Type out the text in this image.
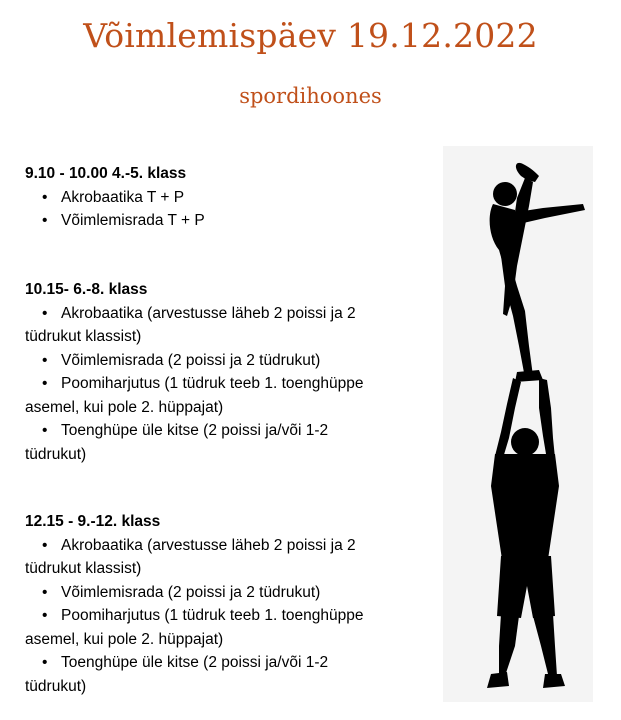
Võimlemispäev 19.12.2022
spordihoones
9.10 - 10.00 4.-5. klass
• Akrobaatika T + P
• Võimlemisrada T + P
10.15- 6.-8. klass
• Akrobaatika (arvestusse läheb 2 poissi ja 2
tüdrukut klassist)
• Võimlemisrada (2 poissi ja 2 tüdrukut)
• Poomiharjutus (1 tüdruk teeb 1. toenghüppe
asemel, kui pole 2. hüppajat)
• Toenghüpe üle kitse (2 poissi ja/või 1-2
tüdrukut)
12.15 - 9.-12. klass
• Akrobaatika (arvestusse läheb 2 poissi ja 2
tüdrukut klassist)
• Võimlemisrada (2 poissi ja 2 tüdrukut)
• Poomiharjutus (1 tüdruk teeb 1. toenghüppe
asemel, kui pole 2. hüppajat)
• Toenghüpe üle kitse (2 poissi ja/või 1-2
tüdrukut)
